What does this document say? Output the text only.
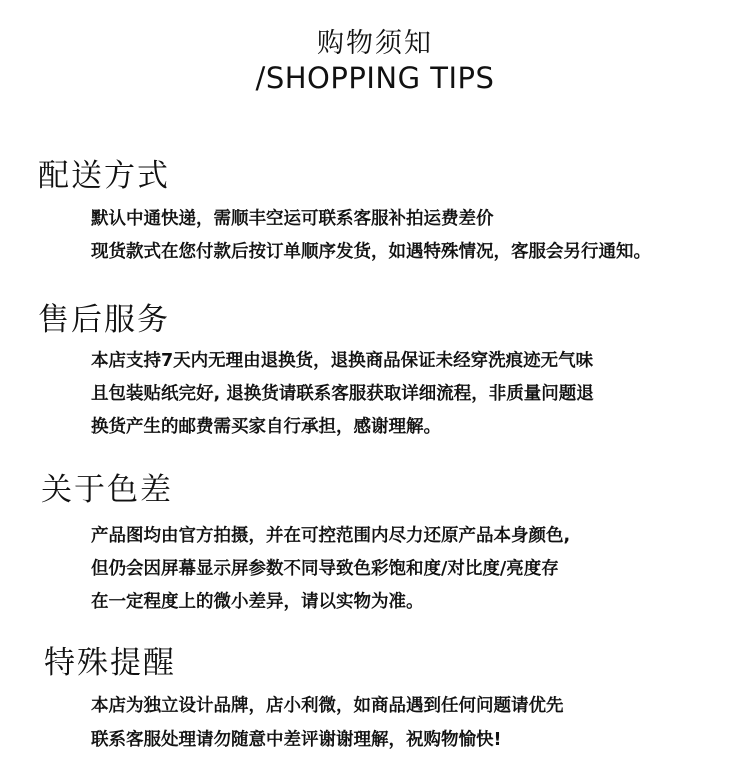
购物须知
/SHOPPING TIPS
配送方式
默认中通快递，需顺丰空运可联系客服补拍运费差价
现货款式在您付款后按订单顺序发货，如遇特殊情况，客服会另行通知。
售后服务
本店支持7天内无理由退换货，退换商品保证未经穿洗痕迹无气味
且包装贴纸完好, 退换货请联系客服获取详细流程，非质量问题退
换货产生的邮费需买家自行承担，感谢理解。
关于色差
产品图均由官方拍摄，并在可控范围内尽力还原产品本身颜色,
但仍会因屏幕显示屏参数不同导致色彩饱和度/对比度/亮度存
在一定程度上的微小差异，请以实物为准。
特殊提醒
本店为独立设计品牌，店小利微，如商品遇到任何问题请优先
联系客服处理请勿随意中差评谢谢理解，祝购物愉快!
